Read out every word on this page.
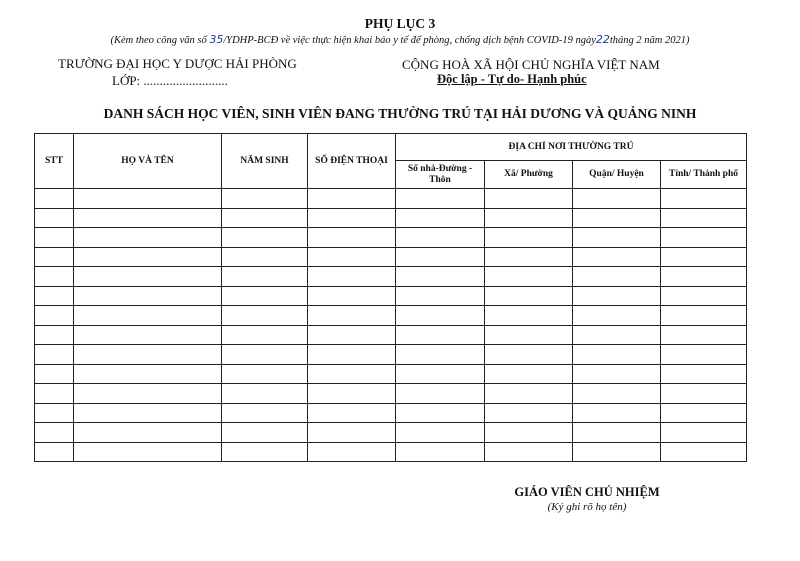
PHỤ LỤC 3
(Kèm theo công văn số 35/YDHP-BCĐ về việc thực hiện khai báo y tế để phòng, chống dịch bệnh COVID-19 ngày22tháng 2 năm 2021)
TRƯỜNG ĐẠI HỌC Y DƯỢC HẢI PHÒNG
LỚP: ..........................
CỘNG HOÀ XÃ HỘI CHỦ NGHĨA VIỆT NAM
Độc lập - Tự do- Hạnh phúc
DANH SÁCH HỌC VIÊN, SINH VIÊN ĐANG THƯỜNG TRÚ TẠI HẢI DƯƠNG VÀ QUẢNG NINH
STT	HỌ VÀ TÊN	NĂM SINH	SỐ ĐIỆN THOẠI	ĐỊA CHỈ NƠI THƯỜNG TRÚ			
				Số nhà-Đường - Thôn	Xã/ Phường	Quận/ Huyện	Tỉnh/ Thành phố

GIÁO VIÊN CHỦ NHIỆM
(Ký ghi rõ họ tên)
